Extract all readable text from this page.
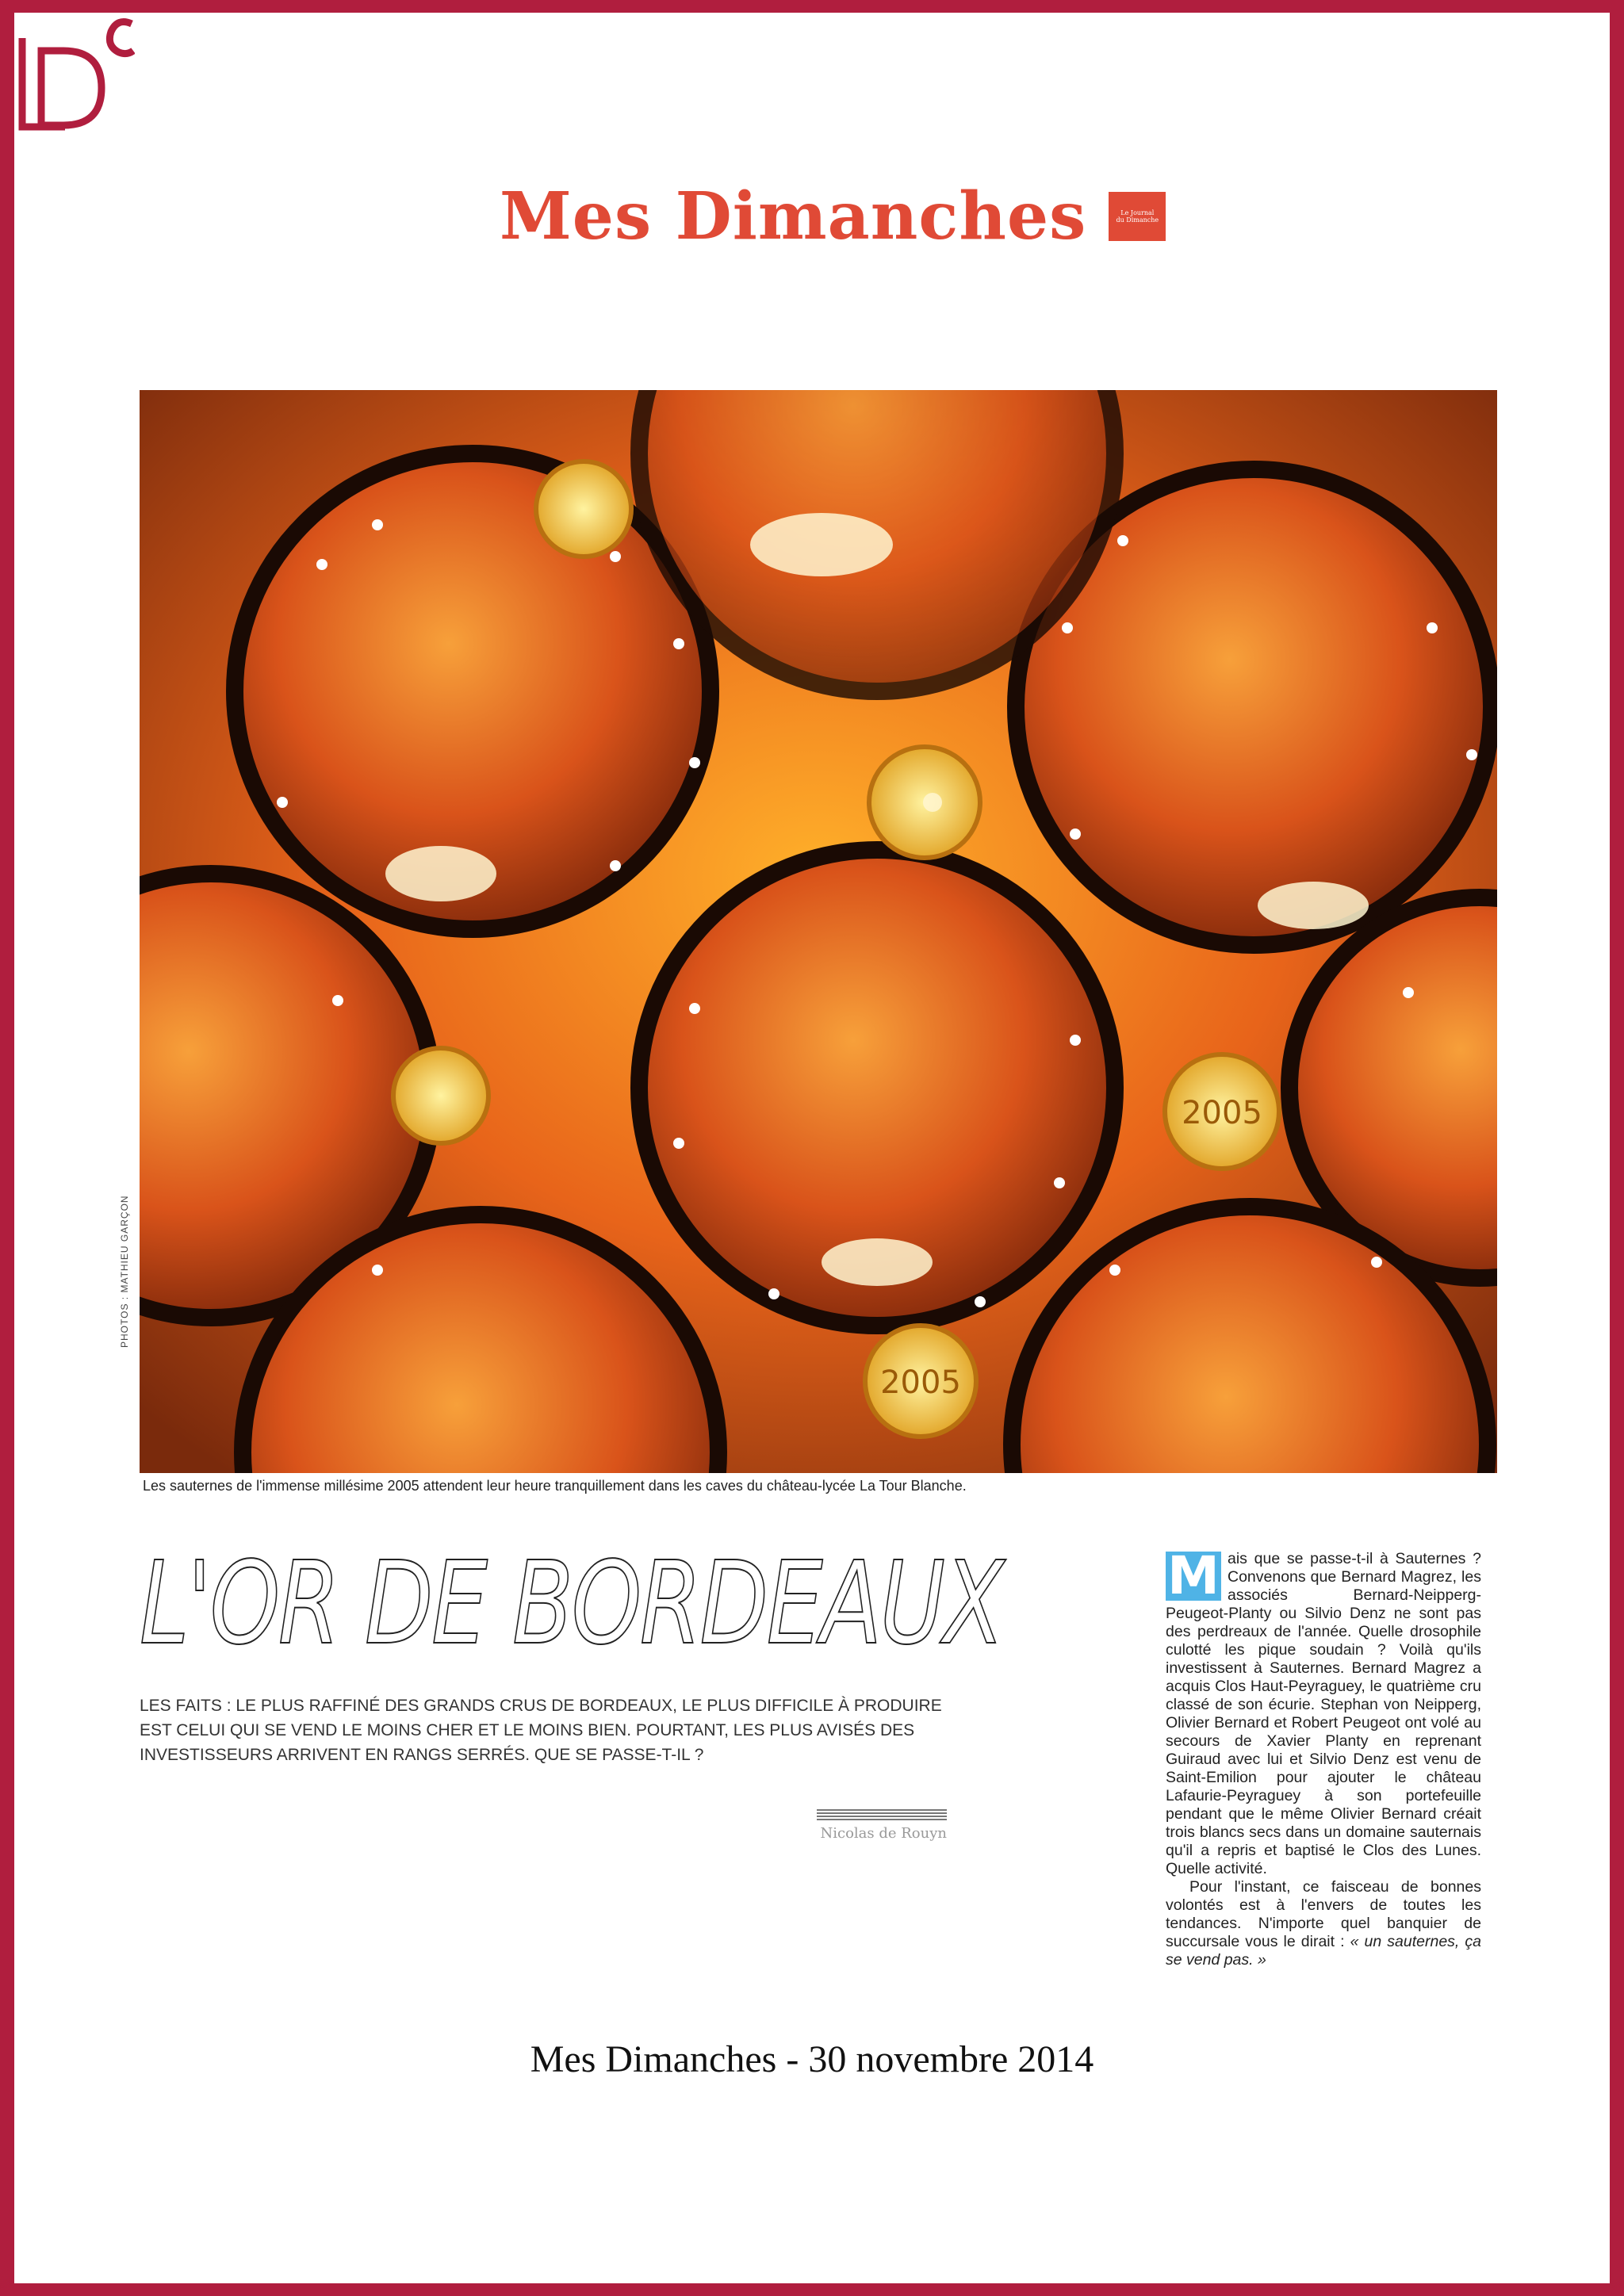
Mes Dimanches	Le Journal
du Dimanche
2005
2005
PHOTOS : MATHIEU GARÇON
Les sauternes de l'immense millésime 2005 attendent leur heure tranquillement dans les caves du château-lycée La Tour Blanche.
L'OR DE BORDEAUX
LES FAITS : LE PLUS RAFFINÉ DES GRANDS CRUS DE BORDEAUX, LE PLUS DIFFICILE À PRODUIRE EST CELUI QUI SE VEND LE MOINS CHER ET LE MOINS BIEN. POURTANT, LES PLUS AVISÉS DES INVESTISSEURS ARRIVENT EN RANGS SERRÉS. QUE SE PASSE-T-IL ?
Nicolas de Rouyn

M ais que se passe-t-il à Sauternes ? Convenons que Bernard Magrez, les associés Bernard-Neipperg-Peugeot-Planty ou Silvio Denz ne sont pas des perdreaux de l'année. Quelle drosophile culotté les pique soudain ? Voilà qu'ils investissent à Sauternes. Bernard Magrez a acquis Clos Haut-Peyraguey, le quatrième cru classé de son écurie. Stephan von Neipperg, Olivier Bernard et Robert Peugeot ont volé au secours de Xavier Planty en reprenant Guiraud avec lui et Silvio Denz est venu de Saint-Emilion pour ajouter le château Lafaurie-Peyraguey à son portefeuille pendant que le même Olivier Bernard créait trois blancs secs dans un domaine sauternais qu'il a repris et baptisé le Clos des Lunes. Quelle activité.

Pour l'instant, ce faisceau de bonnes volontés est à l'envers de toutes les tendances. N'importe quel banquier de succursale vous le dirait : « un sauternes, ça se vend pas. »

Mes Dimanches - 30 novembre 2014
